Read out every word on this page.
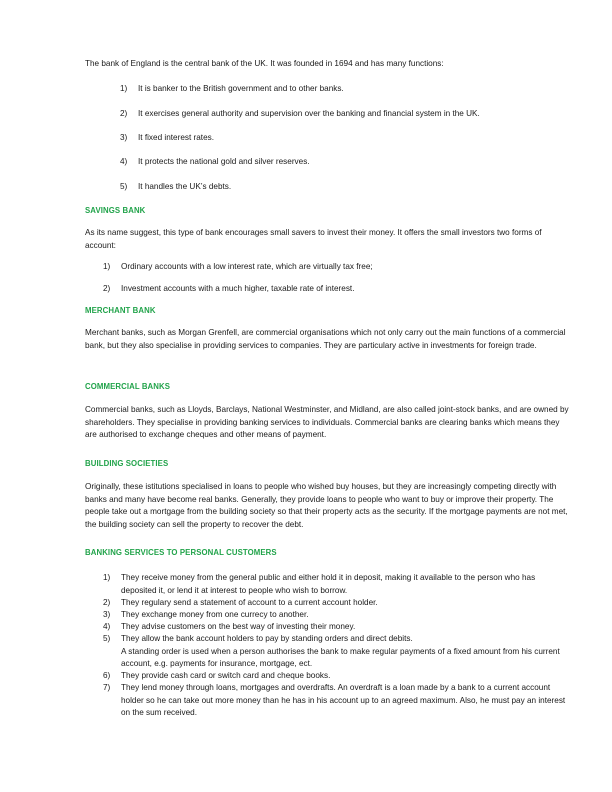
The bank of England is the central bank of the UK. It was founded in 1694 and has many functions:

1)	It is banker to the British government and to other banks.
2)	It exercises general authority and supervision over the banking and financial system in the UK.
3)	It fixed interest rates.
4)	It protects the national gold and silver reserves.
5)	It handles the UK’s debts.
SAVINGS BANK

As its name suggest, this type of bank encourages small savers to invest their money. It offers the small investors two forms of account:

1)	Ordinary accounts with a low interest rate, which are virtually tax free;
2)	Investment accounts with a much higher, taxable rate of interest.
MERCHANT BANK

Merchant banks, such as Morgan Grenfell, are commercial organisations which not only carry out the main functions of a commercial bank, but they also specialise in providing services to companies. They are particulary active in investments for foreign trade.

COMMERCIAL BANKS

Commercial banks, such as Lloyds, Barclays, National Westminster, and Midland, are also called joint-stock banks, and are owned by shareholders. They specialise in providing banking services to individuals. Commercial banks are clearing banks which means they are authorised to exchange cheques and other means of payment.

BUILDING SOCIETIES

Originally, these istitutions specialised in loans to people who wished buy houses, but they are increasingly competing directly with banks and many have become real banks. Generally, they provide loans to people who want to buy or improve their property. The people take out a mortgage from the building society so that their property acts as the security. If the mortgage payments are not met, the building society can sell the property to recover the debt.

BANKING SERVICES TO PERSONAL CUSTOMERS
1)	They receive money from the general public and either hold it in deposit, making it available to the person who has deposited it, or lend it at interest to people who wish to borrow.
2)	They regulary send a statement of account to a current account holder.
3)	They exchange money from one currecy to another.
4)	They advise customers on the best way of investing their money.
5)	They allow the bank account holders to pay by standing orders and direct debits.
A standing order is used when a person authorises the bank to make regular payments of a fixed amount from his current account, e.g. payments for insurance, mortgage, ect.
6)	They provide cash card or switch card and cheque books.
7)	They lend money through loans, mortgages and overdrafts. An overdraft is a loan made by a bank to a current account holder so he can take out more money than he has in his account up to an agreed maximum. Also, he must pay an interest on the sum received.
